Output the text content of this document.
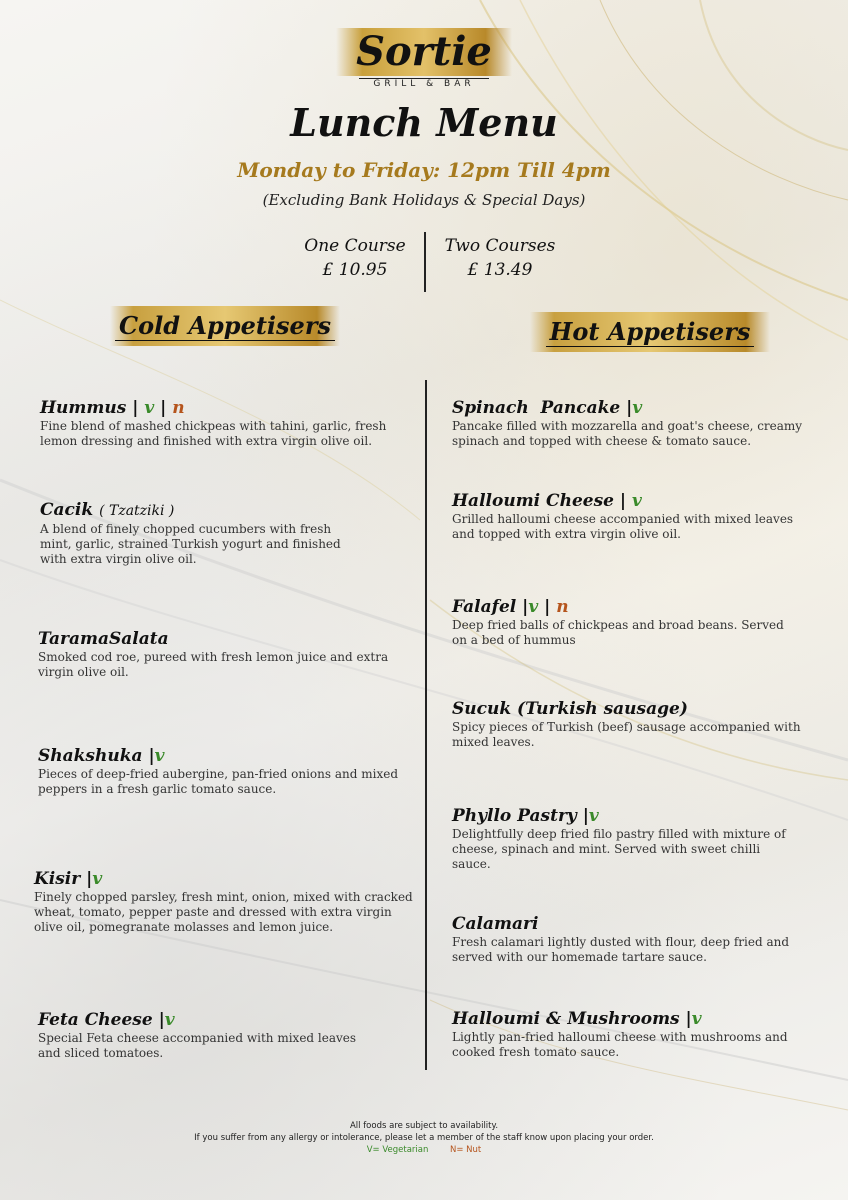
Sortie
GRILL & BAR
Lunch Menu
Monday to Friday: 12pm Till 4pm
(Excluding Bank Holidays & Special Days)
One Course
£ 10.95
Two Courses
£ 13.49
Cold Appetisers	Hot Appetisers
Hummus | v | n
Fine blend of mashed chickpeas with tahini, garlic, fresh lemon dressing and finished with extra virgin olive oil.
Cacik ( Tzatziki )
A blend of finely chopped cucumbers with fresh mint, garlic, strained Turkish yogurt and finished with extra virgin olive oil.
TaramaSalata
Smoked cod roe, pureed with fresh lemon juice and extra virgin olive oil.
Shakshuka |v
Pieces of deep-fried aubergine, pan-fried onions and mixed peppers in a fresh garlic tomato sauce.
Kisir |v
Finely chopped parsley, fresh mint, onion, mixed with cracked wheat, tomato, pepper paste and dressed with extra virgin olive oil, pomegranate molasses and lemon juice.
Feta Cheese |v
Special Feta cheese accompanied with mixed leaves and sliced tomatoes.
Spinach  Pancake |v
Pancake filled with mozzarella and goat's cheese, creamy spinach and topped with cheese & tomato sauce.
Halloumi Cheese | v
Grilled halloumi cheese accompanied with mixed leaves and topped with extra virgin olive oil.
Falafel |v | n
Deep fried balls of chickpeas and broad beans. Served on a bed of hummus
Sucuk (Turkish sausage)
Spicy pieces of Turkish (beef) sausage accompanied with mixed leaves.
Phyllo Pastry |v
Delightfully deep fried filo pastry filled with mixture of cheese, spinach and mint. Served with sweet chilli sauce.
Calamari
Fresh calamari lightly dusted with flour, deep fried and served with our homemade tartare sauce.
Halloumi & Mushrooms |v
Lightly pan-fried halloumi cheese with mushrooms and cooked fresh tomato sauce.
All foods are subject to availability.
If you suffer from any allergy or intolerance, please let a member of the staff know upon placing your order.
V= Vegetarian	N= Nut
